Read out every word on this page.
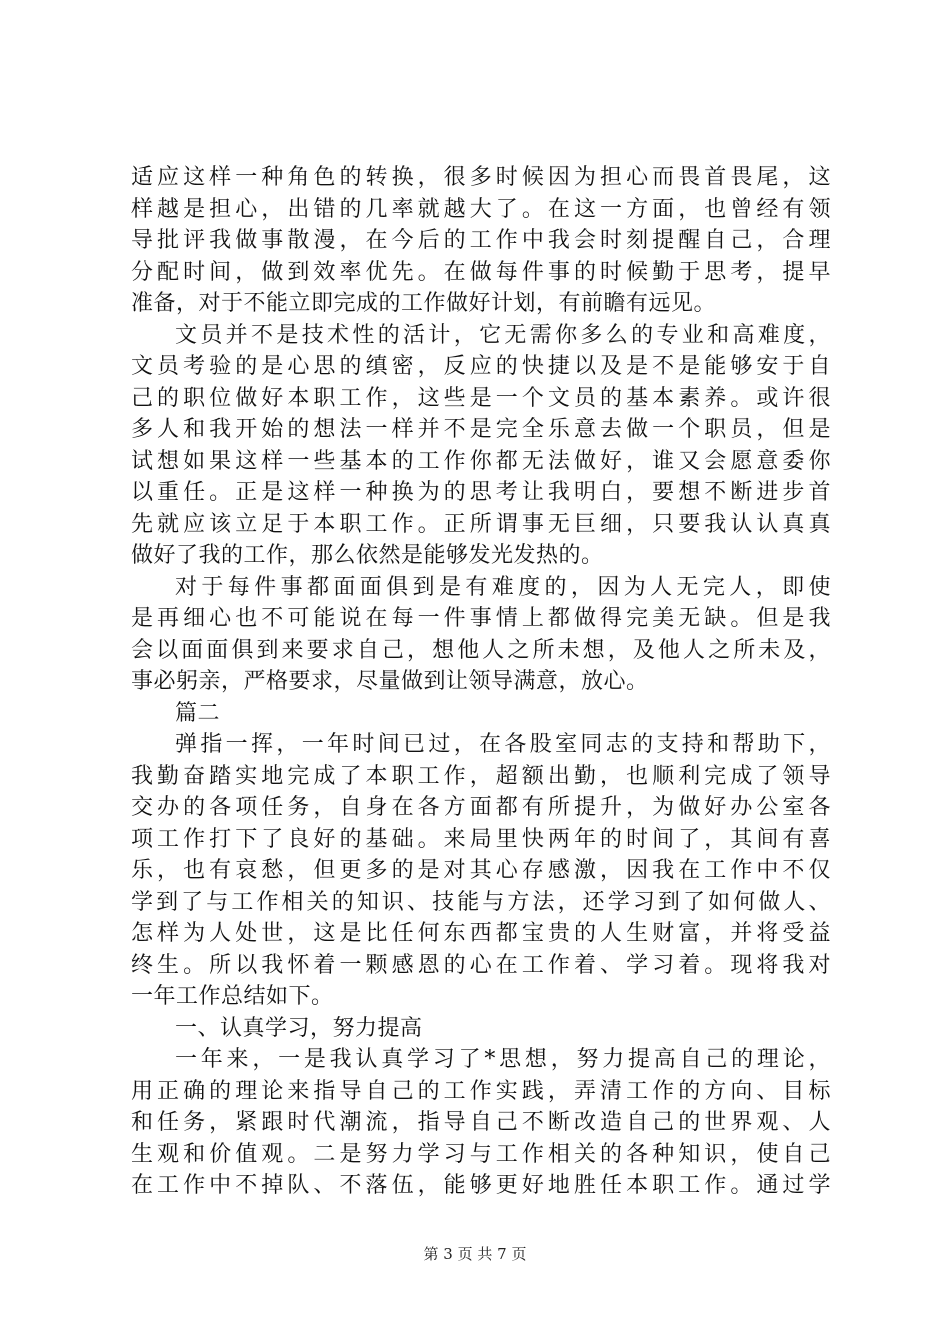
适应这样一种角色的转换，很多时候因为担心而畏首畏尾，这
样越是担心，出错的几率就越大了。在这一方面，也曾经有领
导批评我做事散漫，在今后的工作中我会时刻提醒自己，合理
分配时间，做到效率优先。在做每件事的时候勤于思考，提早
准备，对于不能立即完成的工作做好计划，有前瞻有远见。
文员并不是技术性的活计，它无需你多么的专业和高难度，
文员考验的是心思的缜密，反应的快捷以及是不是能够安于自
己的职位做好本职工作，这些是一个文员的基本素养。或许很
多人和我开始的想法一样并不是完全乐意去做一个职员，但是
试想如果这样一些基本的工作你都无法做好，谁又会愿意委你
以重任。正是这样一种换为的思考让我明白，要想不断进步首
先就应该立足于本职工作。正所谓事无巨细，只要我认认真真
做好了我的工作，那么依然是能够发光发热的。
对于每件事都面面俱到是有难度的，因为人无完人，即使
是再细心也不可能说在每一件事情上都做得完美无缺。但是我
会以面面俱到来要求自己，想他人之所未想，及他人之所未及，
事必躬亲，严格要求，尽量做到让领导满意，放心。
篇二
弹指一挥，一年时间已过，在各股室同志的支持和帮助下，
我勤奋踏实地完成了本职工作，超额出勤，也顺利完成了领导
交办的各项任务，自身在各方面都有所提升，为做好办公室各
项工作打下了良好的基础。来局里快两年的时间了，其间有喜
乐，也有哀愁，但更多的是对其心存感激，因我在工作中不仅
学到了与工作相关的知识、技能与方法，还学习到了如何做人、
怎样为人处世，这是比任何东西都宝贵的人生财富，并将受益
终生。所以我怀着一颗感恩的心在工作着、学习着。现将我对
一年工作总结如下。
一、认真学习，努力提高
一年来，一是我认真学习了*思想，努力提高自己的理论，
用正确的理论来指导自己的工作实践，弄清工作的方向、目标
和任务，紧跟时代潮流，指导自己不断改造自己的世界观、人
生观和价值观。二是努力学习与工作相关的各种知识，使自己
在工作中不掉队、不落伍，能够更好地胜任本职工作。通过学
第 3 页 共 7 页
